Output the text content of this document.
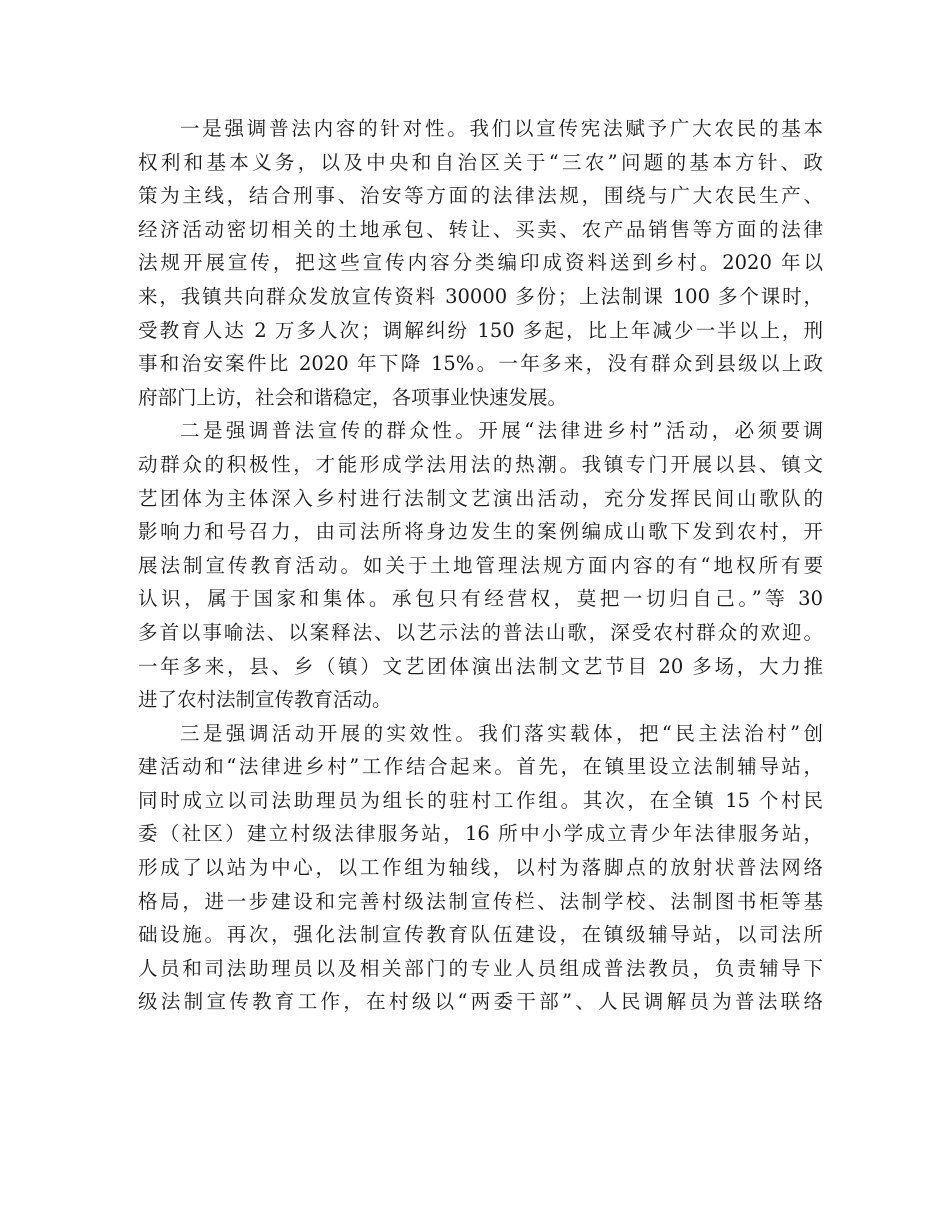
一是强调普法内容的针对性。我们以宣传宪法赋予广大农民的基本
权利和基本义务，以及中央和自治区关于“三农”问题的基本方针、政
策为主线，结合刑事、治安等方面的法律法规，围绕与广大农民生产、
经济活动密切相关的土地承包、转让、买卖、农产品销售等方面的法律
法规开展宣传，把这些宣传内容分类编印成资料送到乡村。2020 年以
来，我镇共向群众发放宣传资料 30000 多份；上法制课 100 多个课时，
受教育人达 2 万多人次；调解纠纷 150 多起，比上年减少一半以上，刑
事和治安案件比 2020 年下降 15%。一年多来，没有群众到县级以上政
府部门上访，社会和谐稳定，各项事业快速发展。
二是强调普法宣传的群众性。开展“法律进乡村”活动，必须要调
动群众的积极性，才能形成学法用法的热潮。我镇专门开展以县、镇文
艺团体为主体深入乡村进行法制文艺演出活动，充分发挥民间山歌队的
影响力和号召力，由司法所将身边发生的案例编成山歌下发到农村，开
展法制宣传教育活动。如关于土地管理法规方面内容的有“地权所有要
认识，属于国家和集体。承包只有经营权，莫把一切归自己。”等 30
多首以事喻法、以案释法、以艺示法的普法山歌，深受农村群众的欢迎。
一年多来，县、乡（镇）文艺团体演出法制文艺节目 20 多场，大力推
进了农村法制宣传教育活动。
三是强调活动开展的实效性。我们落实载体，把“民主法治村”创
建活动和“法律进乡村”工作结合起来。首先，在镇里设立法制辅导站，
同时成立以司法助理员为组长的驻村工作组。其次，在全镇 15 个村民
委（社区）建立村级法律服务站，16 所中小学成立青少年法律服务站，
形成了以站为中心，以工作组为轴线，以村为落脚点的放射状普法网络
格局，进一步建设和完善村级法制宣传栏、法制学校、法制图书柜等基
础设施。再次，强化法制宣传教育队伍建设，在镇级辅导站，以司法所
人员和司法助理员以及相关部门的专业人员组成普法教员，负责辅导下
级法制宣传教育工作，在村级以“两委干部”、人民调解员为普法联络
